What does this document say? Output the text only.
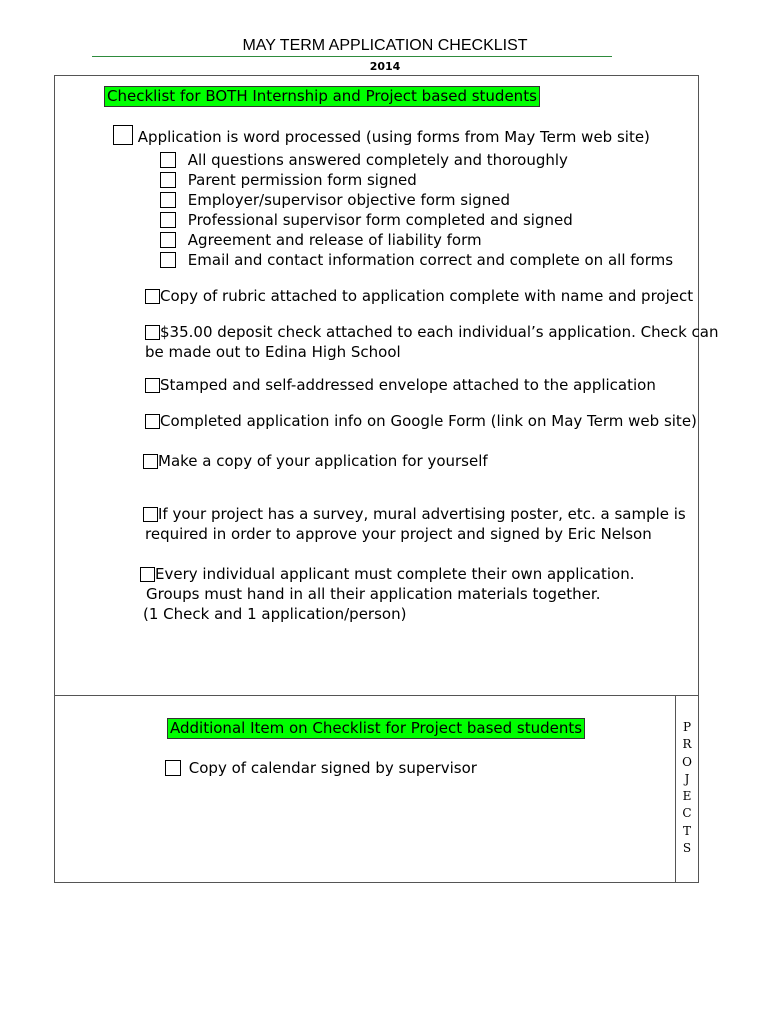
MAY TERM APPLICATION CHECKLIST
2014
Checklist for BOTH Internship and Project based students
Application is word processed (using forms from May Term web site)
All questions answered completely and thoroughly
Parent permission form signed
Employer/supervisor objective form signed
Professional supervisor form completed and signed
Agreement and release of liability form
Email and contact information correct and complete on all forms
Copy of rubric attached to application complete with name and project
$35.00 deposit check attached to each individual’s application. Check can
be made out to Edina High School
Stamped and self-addressed envelope attached to the application
Completed application info on Google Form (link on May Term web site)
Make a copy of your application for yourself
If your project has a survey, mural advertising poster, etc. a sample is
required in order to approve your project and signed by Eric Nelson
Every individual applicant must complete their own application.
Groups must hand in all their application materials together.
(1 Check and 1 application/person)
Additional Item on Checklist for Project based students
Copy of calendar signed by supervisor
P
R
O
J
E
C
T
S
